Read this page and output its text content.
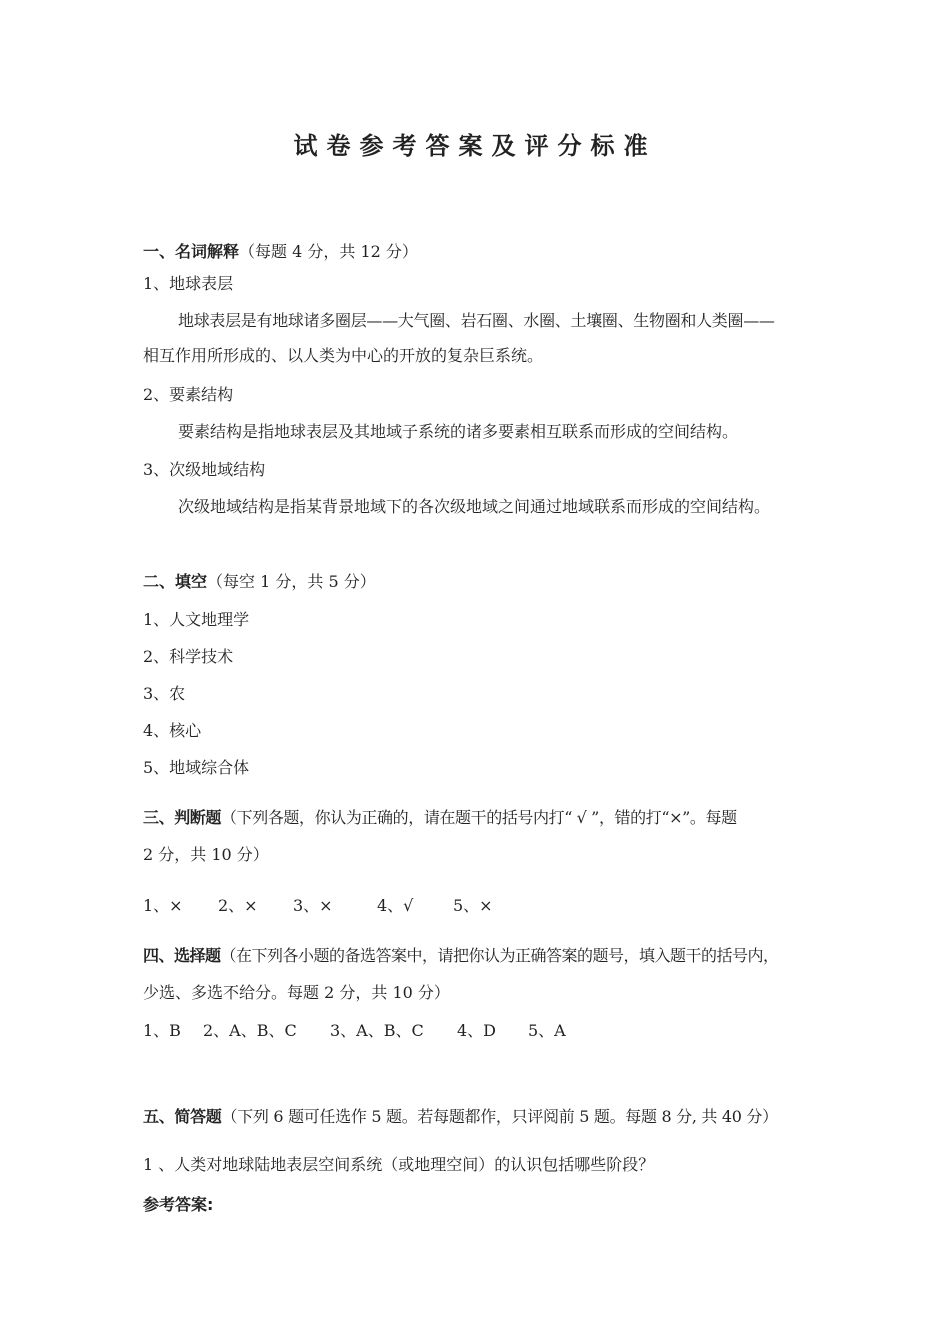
试卷参考答案及评分标准
一、名词解释（每题 4 分，共 12 分）
1、地球表层
地球表层是有地球诸多圈层——大气圈、岩石圈、水圈、土壤圈、生物圈和人类圈——
相互作用所形成的、以人类为中心的开放的复杂巨系统。
2、要素结构
要素结构是指地球表层及其地域子系统的诸多要素相互联系而形成的空间结构。
3、次级地域结构
次级地域结构是指某背景地域下的各次级地域之间通过地域联系而形成的空间结构。
二、填空（每空 1 分，共 5 分）
1、人文地理学
2、科学技术
3、农
4、核心
5、地域综合体
三、判断题（下列各题，你认为正确的，请在题干的括号内打“ √ ”，错的打“×”。每题
2 分，共 10 分）
1、× 2、× 3、×	4、√ 5、×
四、选择题（在下列各小题的备选答案中，请把你认为正确答案的题号，填入题干的括号内，
少选、多选不给分。每题 2 分，共 10 分）
1、B 2、A、B、C 3、A、B、C 4、D 5、A
五、简答题（下列 6 题可任选作 5 题。若每题都作，只评阅前 5 题。每题 8 分, 共 40 分）
1 、人类对地球陆地表层空间系统（或地理空间）的认识包括哪些阶段？
参考答案:
